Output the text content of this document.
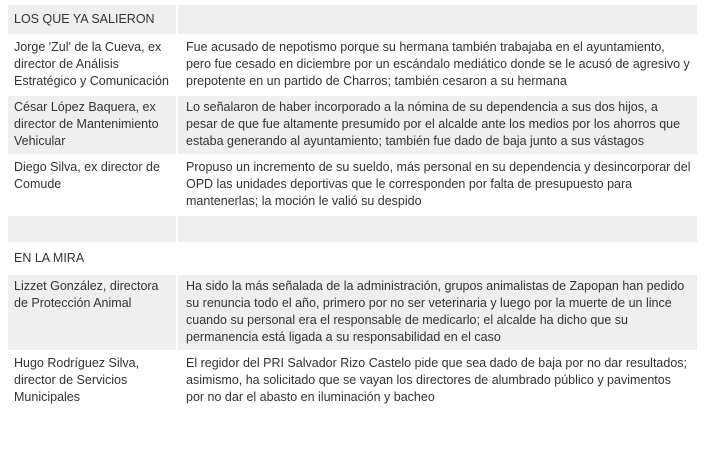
LOS QUE YA SALIERON
Jorge 'Zul' de la Cueva, ex director de Análisis Estratégico y Comunicación
Fue acusado de nepotismo porque su hermana también trabajaba en el ayuntamiento, pero fue cesado en diciembre por un escándalo mediático donde se le acusó de agresivo y prepotente en un partido de Charros; también cesaron a su hermana
César López Baquera, ex director de Mantenimiento Vehicular
Lo señalaron de haber incorporado a la nómina de su dependencia a sus dos hijos, a pesar de que fue altamente presumido por el alcalde ante los medios por los ahorros que estaba generando al ayuntamiento; también fue dado de baja junto a sus vástagos
Diego Silva, ex director de Comude
Propuso un incremento de su sueldo, más personal en su dependencia y desincorporar del OPD las unidades deportivas que le corresponden por falta de presupuesto para mantenerlas; la moción le valió su despido
EN LA MIRA
Lizzet González, directora de Protección Animal
Ha sido la más señalada de la administración, grupos animalistas de Zapopan han pedido su renuncia todo el año, primero por no ser veterinaria y luego por la muerte de un lince cuando su personal era el responsable de medicarlo; el alcalde ha dicho que su permanencia está ligada a su responsabilidad en el caso
Hugo Rodríguez Silva, director de Servicios Municipales
El regidor del PRI Salvador Rizo Castelo pide que sea dado de baja por no dar resultados; asimismo, ha solicitado que se vayan los directores de alumbrado público y pavimentos por no dar el abasto en iluminación y bacheo
